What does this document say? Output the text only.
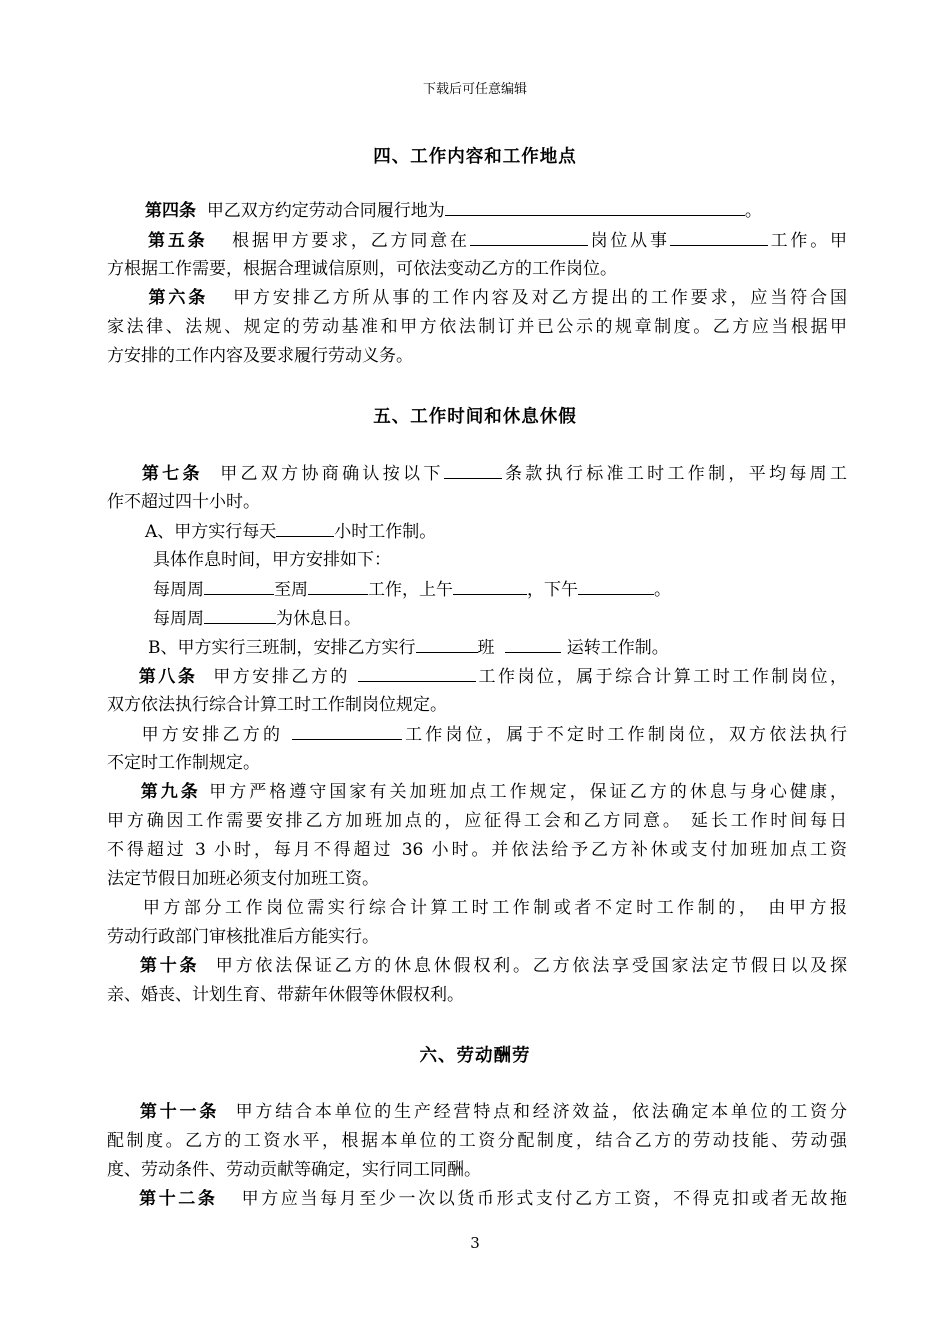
下载后可任意编辑
四、工作内容和工作地点
第四条 甲乙双方约定劳动合同履行地为	。
第五条 根据甲方要求，乙方同意在	岗位从事	工作。甲
方根据工作需要，根据合理诚信原则，可依法变动乙方的工作岗位。
第六条 甲方安排乙方所从事的工作内容及对乙方提出的工作要求，应当符合国
家法律、法规、规定的劳动基准和甲方依法制订并已公示的规章制度。乙方应当根据甲
方安排的工作内容及要求履行劳动义务。
五、工作时间和休息休假
第七条 甲乙双方协商确认按以下	条款执行标准工时工作制，平均每周工
作不超过四十小时。
A、甲方实行每天	小时工作制。
具体作息时间，甲方安排如下：
每周周	至周	工作，上午	，下午	。
每周周	为休息日。
B、甲方实行三班制，安排乙方实行	班	运转工作制。
第八条 甲方安排乙方的	工作岗位，属于综合计算工时工作制岗位，
双方依法执行综合计算工时工作制岗位规定。
甲方安排乙方的	工作岗位，属于不定时工作制岗位，双方依法执行
不定时工作制规定。
第九条 甲方严格遵守国家有关加班加点工作规定，保证乙方的休息与身心健康，
甲方确因工作需要安排乙方加班加点的，应征得工会和乙方同意。 延长工作时间每日
不得超过 3 小时，每月不得超过 36 小时。并依法给予乙方补休或支付加班加点工资
法定节假日加班必须支付加班工资。
甲方部分工作岗位需实行综合计算工时工作制或者不定时工作制的， 由甲方报
劳动行政部门审核批准后方能实行。
第十条 甲方依法保证乙方的休息休假权利。乙方依法享受国家法定节假日以及探
亲、婚丧、计划生育、带薪年休假等休假权利。
六、劳动酬劳
第十一条 甲方结合本单位的生产经营特点和经济效益，依法确定本单位的工资分
配制度。乙方的工资水平，根据本单位的工资分配制度，结合乙方的劳动技能、劳动强
度、劳动条件、劳动贡献等确定，实行同工同酬。
第十二条 甲方应当每月至少一次以货币形式支付乙方工资，不得克扣或者无故拖
3
